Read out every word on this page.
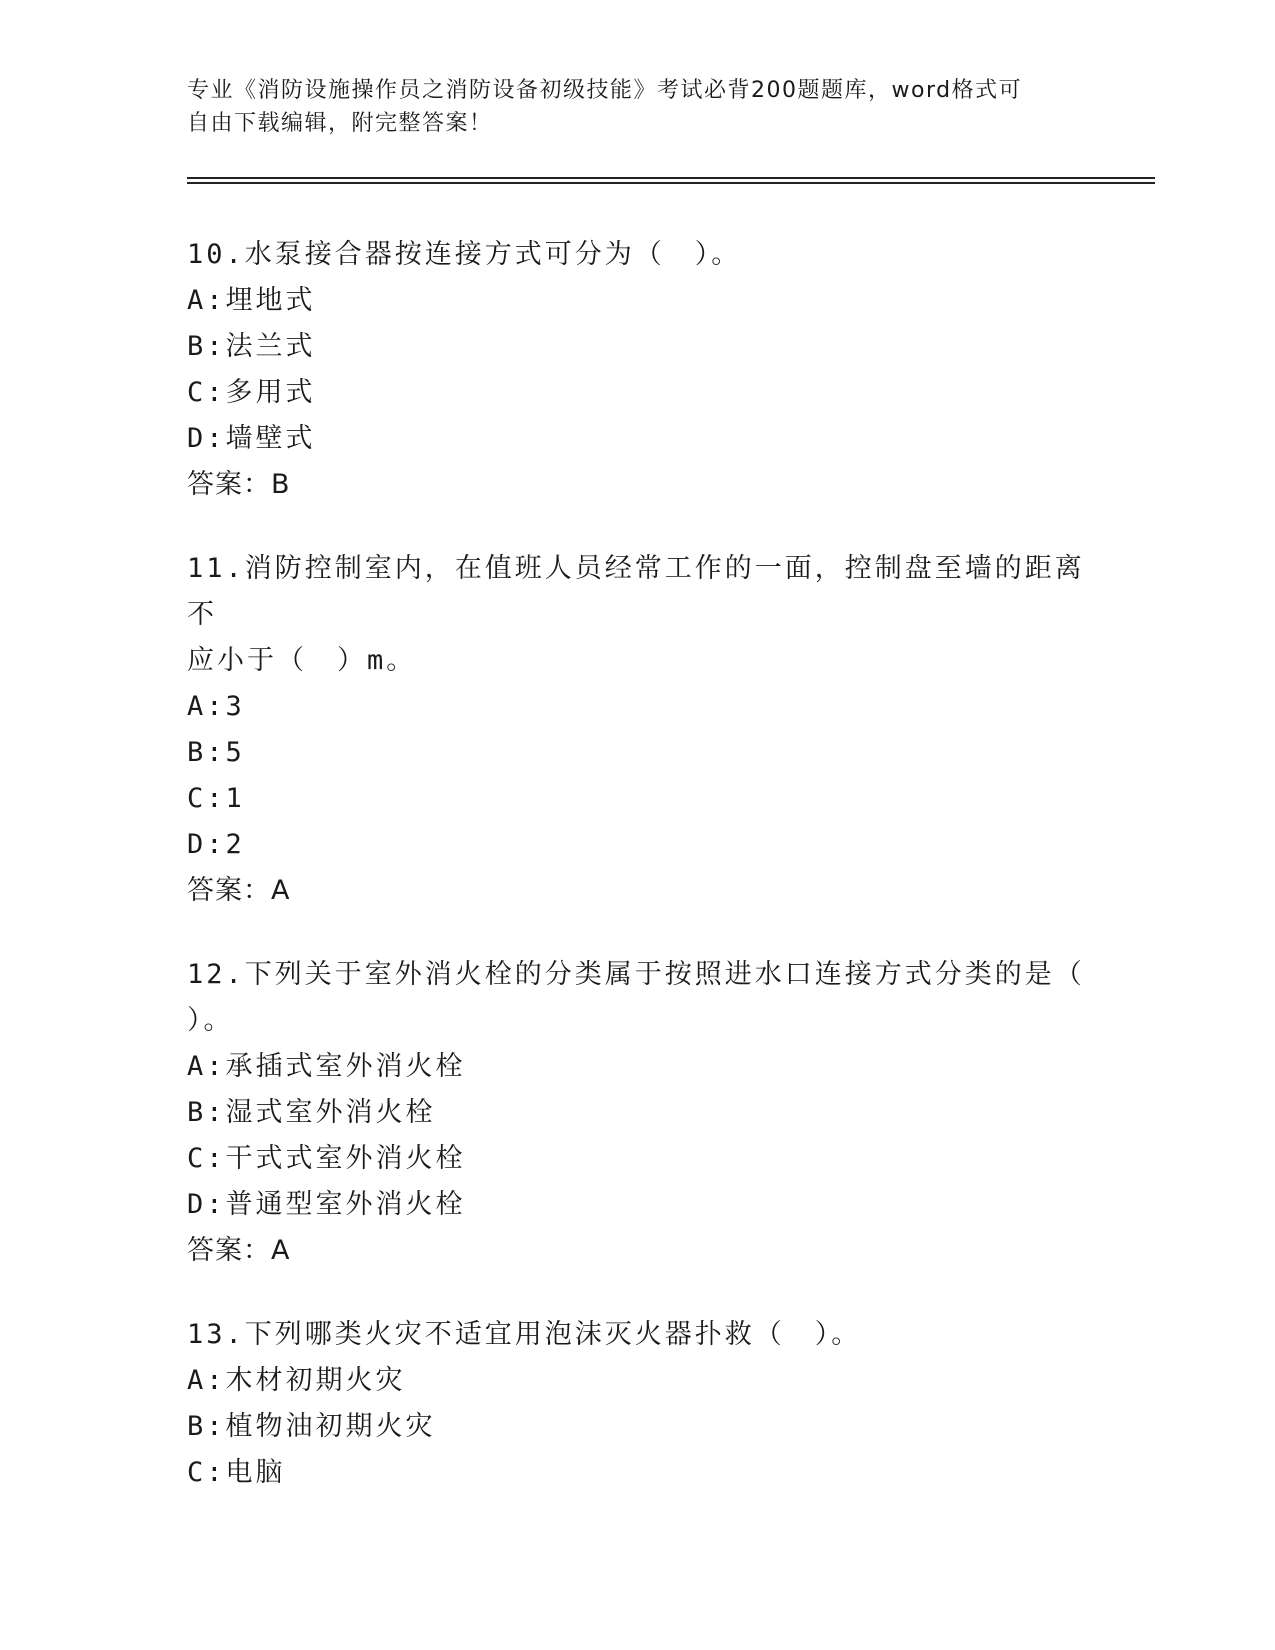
专业《消防设施操作员之消防设备初级技能》考试必背200题题库，word格式可
自由下载编辑，附完整答案！
10.水泵接合器按连接方式可分为（　）。
A:埋地式
B:法兰式
C:多用式
D:墙壁式
答案：B
11.消防控制室内，在值班人员经常工作的一面，控制盘至墙的距离不
应小于（　）m。
A:3
B:5
C:1
D:2
答案：A
12.下列关于室外消火栓的分类属于按照进水口连接方式分类的是（
）。
A:承插式室外消火栓
B:湿式室外消火栓
C:干式式室外消火栓
D:普通型室外消火栓
答案：A
13.下列哪类火灾不适宜用泡沫灭火器扑救（　）。
A:木材初期火灾
B:植物油初期火灾
C:电脑
